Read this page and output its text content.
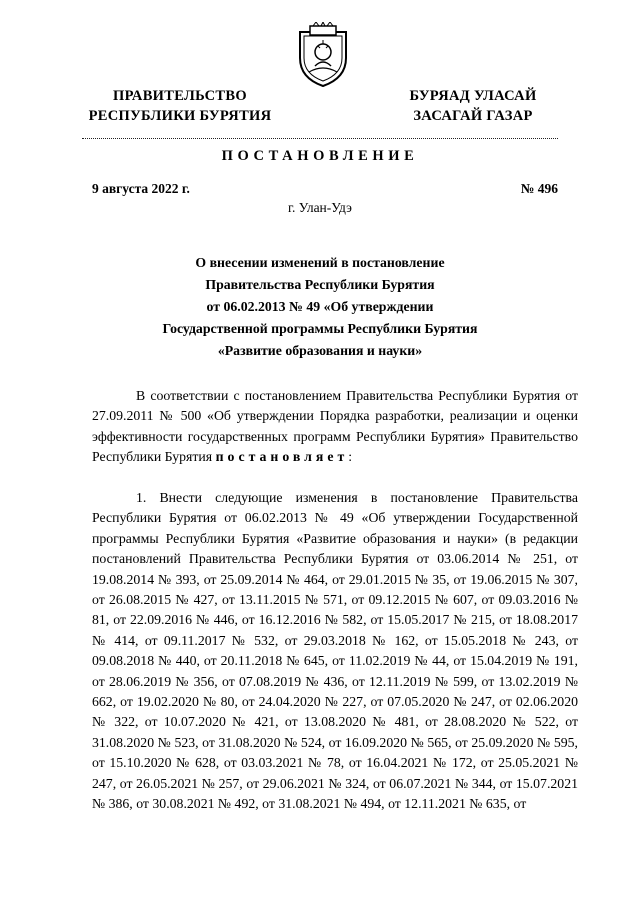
ПРАВИТЕЛЬСТВО
РЕСПУБЛИКИ БУРЯТИЯ
БУРЯАД УЛАСАЙ
ЗАСАГАЙ ГАЗАР
ПОСТАНОВЛЕНИЕ
9 августа 2022 г.	№ 496
г. Улан-Удэ
О внесении изменений в постановление
Правительства Республики Бурятия
от 06.02.2013 № 49 «Об утверждении
Государственной программы Республики Бурятия
«Развитие образования и науки»
В соответствии с постановлением Правительства Республики Бурятия от 27.09.2011 № 500 «Об утверждении Порядка разработки, реализации и оценки эффективности государственных программ Республики Бурятия» Правительство Республики Бурятия постановляет:
1. Внести следующие изменения в постановление Правительства Республики Бурятия от 06.02.2013 № 49 «Об утверждении Государственной программы Республики Бурятия «Развитие образования и науки» (в редакции постановлений Правительства Республики Бурятия от 03.06.2014 № 251, от 19.08.2014 № 393, от 25.09.2014 № 464, от 29.01.2015 № 35, от 19.06.2015 № 307, от 26.08.2015 № 427, от 13.11.2015 № 571, от 09.12.2015 № 607, от 09.03.2016 № 81, от 22.09.2016 № 446, от 16.12.2016 № 582, от 15.05.2017 № 215, от 18.08.2017 № 414, от 09.11.2017 № 532, от 29.03.2018 № 162, от 15.05.2018 № 243, от 09.08.2018 № 440, от 20.11.2018 № 645, от 11.02.2019 № 44, от 15.04.2019 № 191, от 28.06.2019 № 356, от 07.08.2019 № 436, от 12.11.2019 № 599, от 13.02.2019 № 662, от 19.02.2020 № 80, от 24.04.2020 № 227, от 07.05.2020 № 247, от 02.06.2020 № 322, от 10.07.2020 № 421, от 13.08.2020 № 481, от 28.08.2020 № 522, от 31.08.2020 № 523, от 31.08.2020 № 524, от 16.09.2020 № 565, от 25.09.2020 № 595, от 15.10.2020 № 628, от 03.03.2021 № 78, от 16.04.2021 № 172, от 25.05.2021 № 247, от 26.05.2021 № 257, от 29.06.2021 № 324, от 06.07.2021 № 344, от 15.07.2021 № 386, от 30.08.2021 № 492, от 31.08.2021 № 494, от 12.11.2021 № 635, от
